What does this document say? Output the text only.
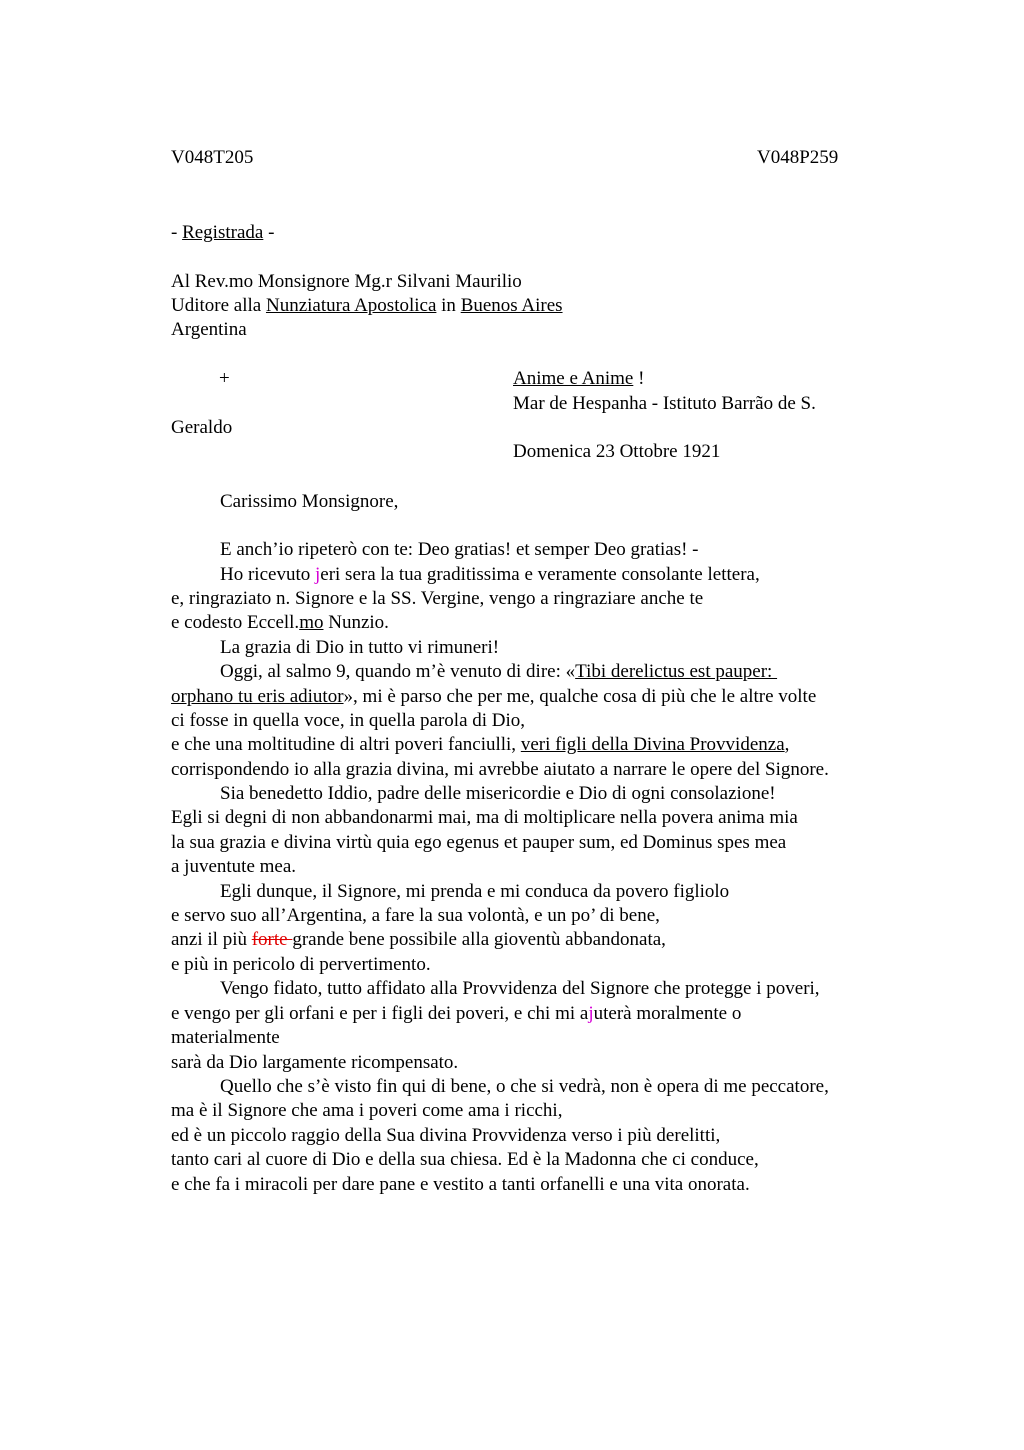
V048T205	V048P259
- Registrada -
Al Rev.mo Monsignore Mg.r Silvani Maurilio
Uditore alla Nunziatura Apostolica in Buenos Aires
Argentina
+	Anime e Anime !
Mar de Hespanha - Istituto Barrão de S.
Geraldo
Domenica 23 Ottobre 1921
Carissimo Monsignore,
E anch’io ripeterò con te: Deo gratias! et semper Deo gratias! -
Ho ricevuto jeri sera la tua graditissima e veramente consolante lettera,
e, ringraziato n. Signore e la SS. Vergine, vengo a ringraziare anche te
e codesto Eccell.mo Nunzio.
La grazia di Dio in tutto vi rimuneri!
Oggi, al salmo 9, quando m’è venuto di dire: «Tibi derelictus est pauper:
orphano tu eris adiutor», mi è parso che per me, qualche cosa di più che le altre volte
ci fosse in quella voce, in quella parola di Dio,
e che una moltitudine di altri poveri fanciulli, veri figli della Divina Provvidenza,
corrispondendo io alla grazia divina, mi avrebbe aiutato a narrare le opere del Signore.
Sia benedetto Iddio, padre delle misericordie e Dio di ogni consolazione!
Egli si degni di non abbandonarmi mai, ma di moltiplicare nella povera anima mia
la sua grazia e divina virtù quia ego egenus et pauper sum, ed Dominus spes mea
a juventute mea.
Egli dunque, il Signore, mi prenda e mi conduca da povero figliolo
e servo suo all’Argentina, a fare la sua volontà, e un po’ di bene,
anzi il più forte grande bene possibile alla gioventù abbandonata,
e più in pericolo di pervertimento.
Vengo fidato, tutto affidato alla Provvidenza del Signore che protegge i poveri,
e vengo per gli orfani e per i figli dei poveri, e chi mi ajuterà moralmente o
materialmente
sarà da Dio largamente ricompensato.
Quello che s’è visto fin qui di bene, o che si vedrà, non è opera di me peccatore,
ma è il Signore che ama i poveri come ama i ricchi,
ed è un piccolo raggio della Sua divina Provvidenza verso i più derelitti,
tanto cari al cuore di Dio e della sua chiesa. Ed è la Madonna che ci conduce,
e che fa i miracoli per dare pane e vestito a tanti orfanelli e una vita onorata.
